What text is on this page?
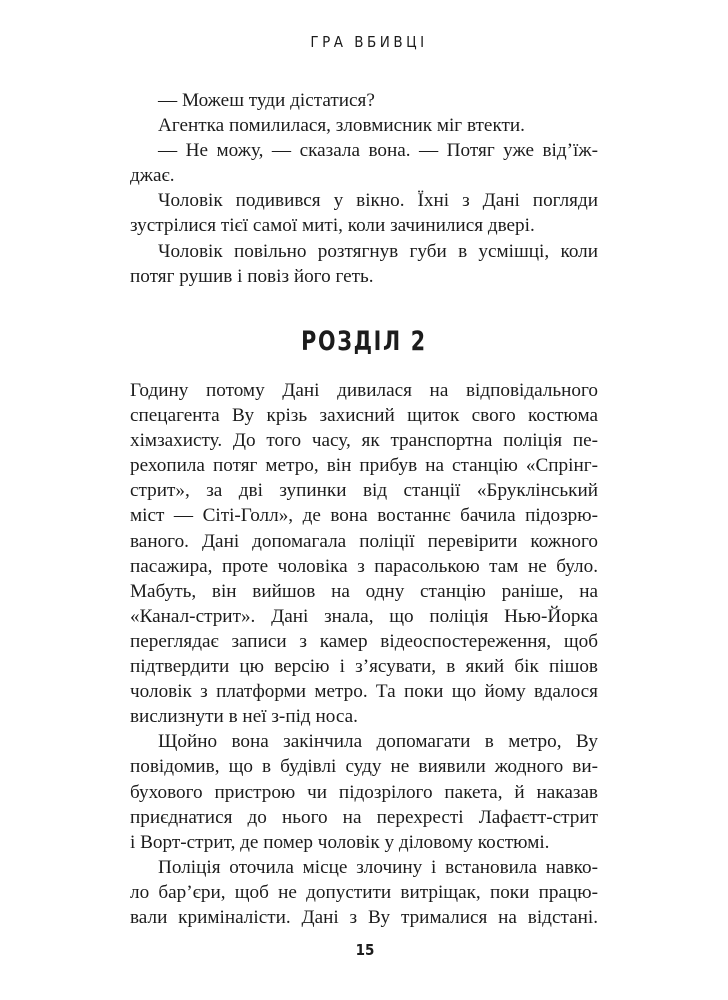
ГРА ВБИВЦІ
— Можеш туди дістатися?
Агентка помилилася, зловмисник міг втекти.
— Не можу, — сказала вона. — Потяг уже від’їж-
джає.
Чоловік подивився у вікно. Їхні з Дані погляди
зустрілися тієї самої миті, коли зачинилися двері.
Чоловік повільно розтягнув губи в усмішці, коли
потяг рушив і повіз його геть.
РОЗДІЛ 2
Годину потому Дані дивилася на відповідального
спецагента Ву крізь захисний щиток свого костюма
хімзахисту. До того часу, як транспортна поліція пе-
рехопила потяг метро, він прибув на станцію «Спрінг-
стрит», за дві зупинки від станції «Бруклінський
міст — Сіті-Голл», де вона востаннє бачила підозрю-
ваного. Дані допомагала поліції перевірити кожного
пасажира, проте чоловіка з парасолькою там не було.
Мабуть, він вийшов на одну станцію раніше, на
«Канал-стрит». Дані знала, що поліція Нью-Йорка
переглядає записи з камер відеоспостереження, щоб
підтвердити цю версію і з’ясувати, в який бік пішов
чоловік з платформи метро. Та поки що йому вдалося
вислизнути в неї з-під носа.
Щойно вона закінчила допомагати в метро, Ву
повідомив, що в будівлі суду не виявили жодного ви-
бухового пристрою чи підозрілого пакета, й наказав
приєднатися до нього на перехресті Лафаєтт-стрит
і Ворт-стрит, де помер чоловік у діловому костюмі.
Поліція оточила місце злочину і встановила навко-
ло бар’єри, щоб не допустити витріщак, поки працю-
вали криміналісти. Дані з Ву трималися на відстані.
15
